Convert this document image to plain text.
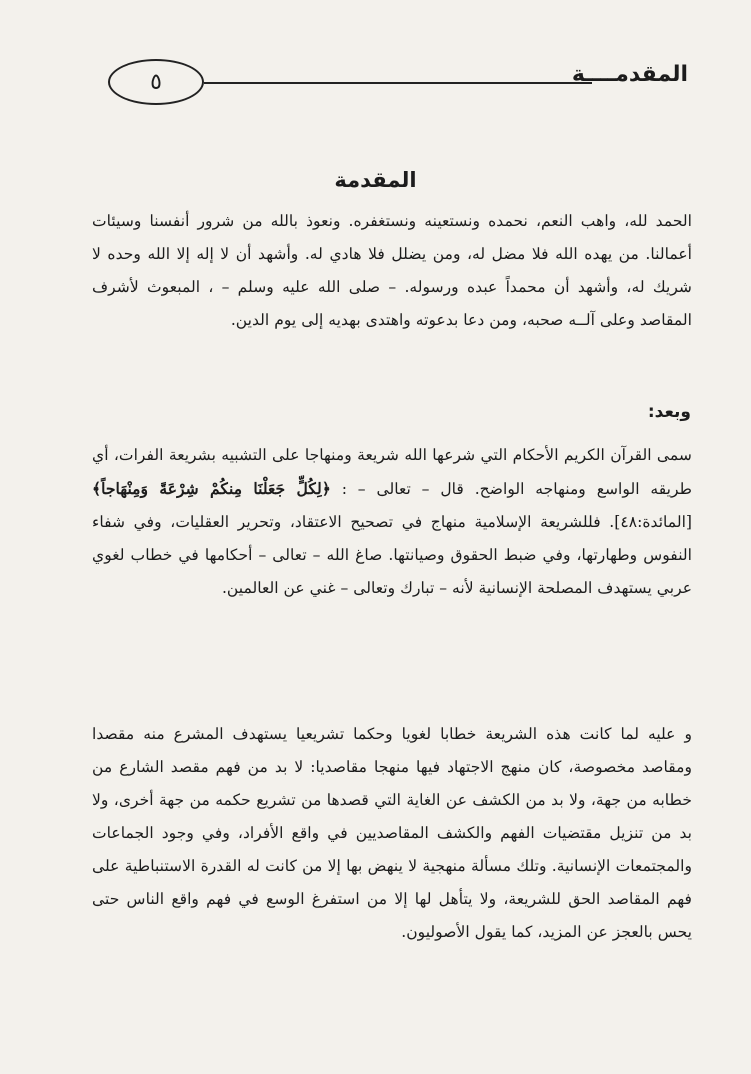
٥	المقدمــــة
المقدمة

الحمد لله، واهب النعم، نحمده ونستعينه ونستغفره. ونعوذ بالله من شرور أنفسنا وسيئات أعمالنا. من يهده الله فلا مضل له، ومن يضلل فلا هادي له. وأشهد أن لا إله إلا الله وحده لا شريك له، وأشهد أن محمداً عبده ورسوله. – صلى الله عليه وسلم – ، المبعوث لأشرف المقاصد وعلى آلــه صحبه، ومن دعا بدعوته واهتدى بهديه إلى يوم الدين.

وبعد:

سمى القرآن الكريم الأحكام التي شرعها الله شريعة ومنهاجا على التشبيه بشريعة الفرات، أي طريقه الواسع ومنهاجه الواضح. قال – تعالى – : ﴿لِكُلٍّ جَعَلْنَا مِنكُمْ شِرْعَةً وَمِنْهَاجاً﴾ [المائدة:٤٨]. فللشريعة الإسلامية منهاج في تصحيح الاعتقاد، وتحرير العقليات، وفي شفاء النفوس وطهارتها، وفي ضبط الحقوق وصيانتها. صاغ الله – تعالى – أحكامها في خطاب لغوي عربي يستهدف المصلحة الإنسانية لأنه – تبارك وتعالى – غني عن العالمين.

و عليه لما كانت هذه الشريعة خطابا لغويا وحكما تشريعيا يستهدف المشرع منه مقصدا ومقاصد مخصوصة، كان منهج الاجتهاد فيها منهجا مقاصديا: لا بد من فهم مقصد الشارع من خطابه من جهة، ولا بد من الكشف عن الغاية التي قصدها من تشريع حكمه من جهة أخرى، ولا بد من تنزيل مقتضيات الفهم والكشف المقاصديين في واقع الأفراد، وفي وجود الجماعات والمجتمعات الإنسانية. وتلك مسألة منهجية لا ينهض بها إلا من كانت له القدرة الاستنباطية على فهم المقاصد الحق للشريعة، ولا يتأهل لها إلا من استفرغ الوسع في فهم واقع الناس حتى يحس بالعجز عن المزيد، كما يقول الأصوليون.
